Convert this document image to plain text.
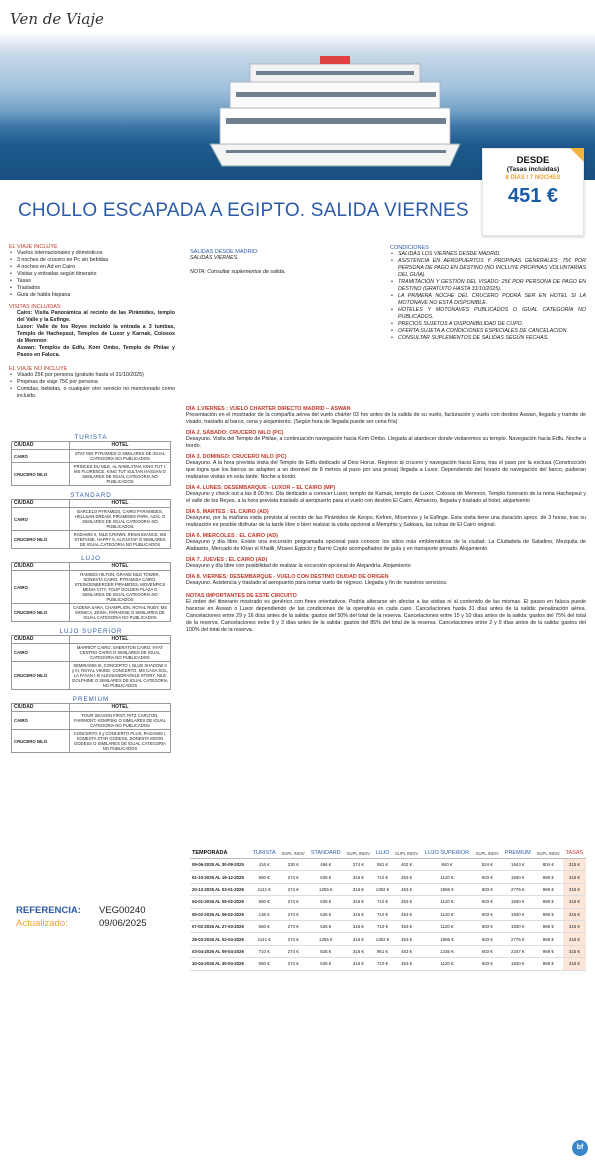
Ven de Viaje
DESDE
(Tasas incluidas)
8 DÍAS / 7 NOCHES
451 €
CHOLLO ESCAPADA A EGIPTO. SALIDA VIERNES
EL VIAJE INCLUYE
• Vuelos internacionales y domésticos
• 3 noches de crucero en Pc sin bebidas
• 4 noches en Ad en Cairo
• Visitas y entradas según itinerario
• Tasas
• Traslados
• Guía de habla hispana
VISITAS INCLUIDAS
Cairo: Visita Panorámica al recinto de las Pirámides, templo del Valle y la Esfinge.
Luxor: Valle de los Reyes incluido la entrada a 3 tumbas, Templo de Hachepsut, Templos de Luxor y Karnak, Colosos de Memnon
Aswan: Templos de Edfu, Kom Ombo, Templo de Philae y Paseo en Faluca.
EL VIAJE NO INCLUYE
• Visado 25€ por persona (gratuito hasta el 31/10/2025)
• Propinas de viaje 75€ por persona
• Comidas, bebidas, o cualquier otro servicio no mencionado como incluido.
SALIDAS DESDE MADRID:
SALIDAS VIERNES.
NOTA: Consultar suplementos de salida.
CONDICIONES
• SALIDAS LOS VIERNES DESDE MADRID.
• ASISTENCIA EN AEROPUERTOS Y PROPINAS GENERALES: 75€ POR PERSONA DE PAGO EN DESTINO (NO INCLUYE PROPINAS VOLUNTARIAS DEL GUÍA).
• TRAMITACIÓN Y GESTIÓN DEL VISADO: 25€ POR PERSONA DE PAGO EN DESTINO (GRATUITO HASTA 31/10/2025).
• LA PRIMERA NOCHE DEL CRUCERO PODRÁ SER EN HOTEL SI LA MOTONAVE NO ESTÁ DISPONIBLE.
• HOTELES Y MOTONAVES PUBLICADOS O IGUAL CATEGORÍA NO PUBLICADOS.
• PRECIOS SUJETOS A DISPONIBILIDAD DE CUPO.
• OFERTA SUJETA A CONDICIONES ESPECIALES DE CANCELACION.
• CONSULTAR SUPLEMENTOS DE SALIDAS SEGÚN FECHAS.
TURISTA
CIUDAD	HOTEL
CAIRO	STAY INN PYRAMIDS O SIMILARES DE IGUAL CATEGORIA NO PUBLICADOS
CRUCERO NILO	PRINCES DU NILE, AL NABILATAN, KING TUT I, MS FLORENCE, KING TUT SULTAN HASSAN O SIMILARES DE IGUAL CATEGORIA NO PUBLICADOS
STANDARD
CIUDAD	HOTEL
CAIRO	BARCELO PYRAMIDS, CAIRO PYRAMIDES, HELLNAN DREAM, PIRAMIDES PARK, AZAL O SIMILARES DE IGUAL CATEGORIA NO PUBLICADOS
CRUCERO NILO	RADAMIS II, NILE CROWN, RENAISSANCE, MS STEFANIE, HAPPY 5, ALYUSTAF O SIMILARES DE IGUAL CATEGORIA NO PUBLICADOS
LUJO
CIUDAD	HOTEL
CAIRO	RAMSES HILTON, GRAND NILE TOWER, SONESTA CAIRO, PYRAMISA CAIRO, STEINGENBERGER PIRAMIDES, MOVENPICK MEDIA CITY, TOLIP GOLDEN PLAZA O SIMILARES DE IGUAL CATEGORIA NO PUBLICADOS
CRUCERO NILO	CADENA SARA, CHAMPLION, ROYAL RUBY, MS MONICA, ZEINA, PARADISE O SIMILARES DE IGUAL CATEGORIA NO PUBLICADOS
LUJO SUPERIOR
CIUDAD	HOTEL
CAIRO	MARRIOT CAIRO, SHERATON CAIRO, HYAT CENTRO CAIRO O SIMILARES DE IGUAL CATEGORIA NO PUBLICADOS
CRUCERO NILO	SEMIRAMIS III, CONCERTO I, BLUE SHADOW II y III, ROYAL VIKING, CONCERTO, MS CASA SOL, LA FAYAN I-II/ ALESSANDRA/NILE STORY, NILE DOLPHINE O SIMILARES DE IGUAL CATEGORIA NO PUBLICADOS
PREMIUM
CIUDAD	HOTEL
CAIRO	FOUR SEASON FIRST, RITZ CARLTON, FAIRMONT, KEMPISKI O SIMILARES DE IGUAL CATEGORIA NO PUBLICADOS
CRUCERO NILO	CONCERTO II y CONCERTO PLUS, RADAMIS I, SONESTA STAR GODESS, SONESTA MOON GODESS O SIMILARES DE IGUAL CATEGORIA NO PUBLICADOS
DÍA 1.VIERNES : VUELO CHARTER DIRECTO MADRID – ASWAN
Presentación en el mostrador de la compañía aérea del vuelo chárter 03 hrs antes de la salida de su vuelo, facturación y vuelo con destino Aswan, llegada y tramite de visado, traslado al barco, cena y alojamiento. (Según hora de llegada puede ser cena fría)
DÍA 2. SÁBADO: CRUCERO NILO (PC)
Desayuno. Visita del Templo de Philae, a continuación navegación hacia Kom Ombo. Llegada al atardecer donde visitaremos su templo. Navegación hacia Edfu. Noche a bordo.
DÍA 3. DOMINGO: CRUCERO NILO (PC)
Desayuno. A la hora prevista visita del Templo de Edfu dedicado al Dios Horus. Regreso al crucero y navegación hacia Esna, tras el paso por la esclusa (Construcción que logra que los barcos se adapten a un desnivel de 8 metros al paso por una presa) llegada a Luxor. Dependiendo del horario de navegación del barco, pudieran realizarse visitas en esta tarde. Noche a bordo.
DÍA 4. LUNES: DESEMBARQUE - LUXOR – EL CAIRO (MP)
Desayuno y check out a las 8.00 hrs. Día dedicado a conocer Luxor, templo de Karnak, templo de Luxor, Colosos de Memnon, Templo funerario de la reina Hachepsut y el valle de los Reyes, a la hora prevista traslado al aeropuerto para el vuelo con destino El Cairo, Almuerzo, llegada y traslado al hotel, alojamiento
DÍA 5. MARTES : EL CAIRO (AD)
Desayuno, por la mañana visita prevista al recinto de las Pirámides de Keops, Kefren, Micerinos y la Esfinge. Esta visita tiene una duración aprox. de 3 horas, tras su realización es posible disfrutar de la tarde libre o bien realizar la visita opcional a Memphis y Sakkara, las ruinas de El Cairo original.
DÍA 6. MIERCOLES : EL CAIRO (AD)
Desayuno y día libre. Existe una excursión programada opcional para conocer los sitios más emblemáticos de la ciudad. La Ciudadela de Saladino, Mezquita de Alabastro, Mercado de Khan el Khalili, Museo Egipcio y Barrio Copto acompañados de guía y en transporte privado. Alojamiento.
DÍA 7. JUEVES : EL CAIRO (AD)
Desayuno y día libre con posibilidad de realizar la excursión opcional de Alejandría. Alojamiento
DÍA 8. VIERNES: DESEMBARQUE - VUELO CON DESTINO CIUDAD DE ORIGEN
Desayuno. Asistencia y traslado al aeropuerto para tomar vuelo de regreso. Llegada y fin de nuestros servicios.
NOTAS IMPORTANTES DE ESTE CIRCUITO
El orden del itinerario mostrado es genérico con fines orientativos. Podría alterarse sin afectar a las visitas ni al contenido de las mismas. El paseo en faluca puede hacerse en Aswan o Luxor dependiendo de las condiciones de la operativa en cada caso. Cancelaciones hasta 31 días antes de la salida: penalización aérea. Cancelaciones entre 29 y 16 días antes de la salida: gastos del 50% del total de la reserva. Cancelaciones entre 15 y 10 días antes de la salida: gastos del 75% del total de la reserva. Cancelaciones entre 9 y 3 días antes de la salida: gastos del 85% del total de la reserva. Cancelaciones entre 2 y 0 días antes de la salida: gastos del 100% del total de la reserva.
TEMPORADA	TURISTA	SUPL INDIV	STANDARD	SUPL INDIV	LUJO	SUPL INDIV	LUJO SUPERIOR	SUPL INDIV	PREMIUM	SUPL INDIV	TASAS
09-06-2025 AL 30-09-2025	416 €	230 €	466 €	274 €	581 €	402 €	840 €	524 €	1643 €	804 €	315 €
01-10-2025 AL 19-12-2025	560 €	274 €	625 €	316 €	710 €	453 €	1120 €	603 €	1930 €	969 €	315 €
20-12-2025 AL 03-01-2026	1141 €	274 €	1255 €	316 €	1392 €	453 €	1865 €	603 €	2776 €	969 €	315 €
04-01-2026 AL 05-02-2026	560 €	274 €	625 €	316 €	710 €	453 €	1120 €	603 €	1930 €	969 €	315 €
06-02-2026 AL 06-02-2026	136 €	274 €	625 €	316 €	710 €	453 €	1120 €	603 €	1930 €	969 €	315 €
07-02-2026 AL 27-03-2026	560 €	274 €	625 €	316 €	710 €	453 €	1120 €	603 €	1930 €	969 €	315 €
28-03-2026 AL 02-04-2026	1141 €	274 €	1255 €	316 €	1392 €	453 €	1865 €	603 €	2776 €	969 €	315 €
03-04-2026 AL 09-04-2026	710 €	274 €	825 €	316 €	961 €	453 €	1435 €	603 €	2347 €	969 €	315 €
10-04-2026 AL 30-04-2026	560 €	274 €	625 €	316 €	710 €	453 €	1120 €	603 €	1930 €	969 €	315 €
REFERENCIA: VEG00240
Actualizado:	09/06/2025
bf
